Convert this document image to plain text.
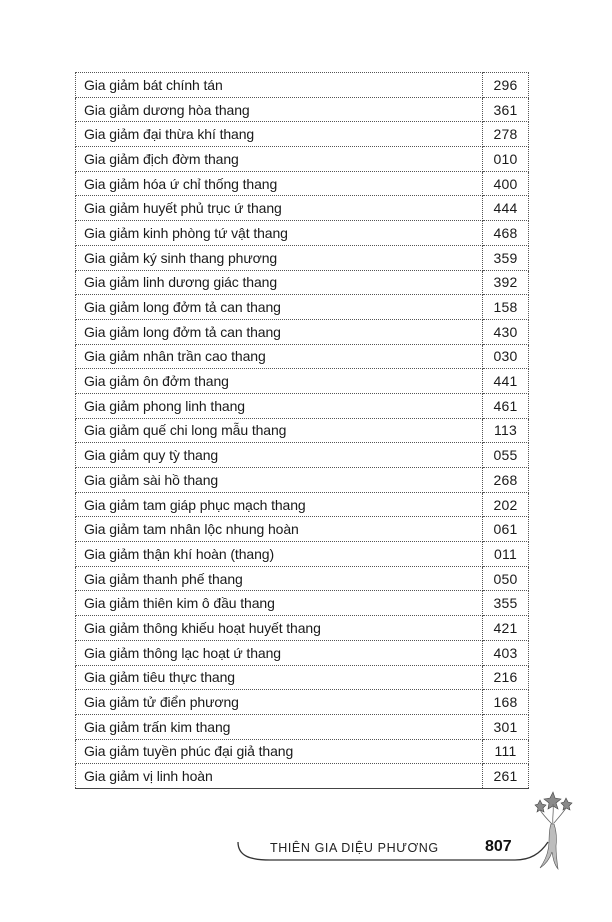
Gia giảm bát chính tán	296
Gia giảm dương hòa thang	361
Gia giảm đại thừa khí thang	278
Gia giảm địch đờm thang	010
Gia giảm hóa ứ chỉ thống thang	400
Gia giảm huyết phủ trục ứ thang	444
Gia giảm kinh phòng tứ vật thang	468
Gia giảm ký sinh thang phương	359
Gia giảm linh dương giác thang	392
Gia giảm long đởm tả can thang	158
Gia giảm long đởm tả can thang	430
Gia giảm nhân trần cao thang	030
Gia giảm ôn đởm thang	441
Gia giảm phong linh thang	461
Gia giảm quế chi long mẫu thang	113
Gia giảm quy tỳ thang	055
Gia giảm sài hồ thang	268
Gia giảm tam giáp phục mạch thang	202
Gia giảm tam nhân lộc nhung hoàn	061
Gia giảm thận khí hoàn (thang)	011
Gia giảm thanh phế thang	050
Gia giảm thiên kim ô đầu thang	355
Gia giảm thông khiếu hoạt huyết thang	421
Gia giảm thông lạc hoạt ứ thang	403
Gia giảm tiêu thực thang	216
Gia giảm tử điển phương	168
Gia giảm trấn kim thang	301
Gia giảm tuyền phúc đại giả thang	111
Gia giảm vị linh hoàn	261
THIÊN GIA DIỆU PHƯƠNG	807
